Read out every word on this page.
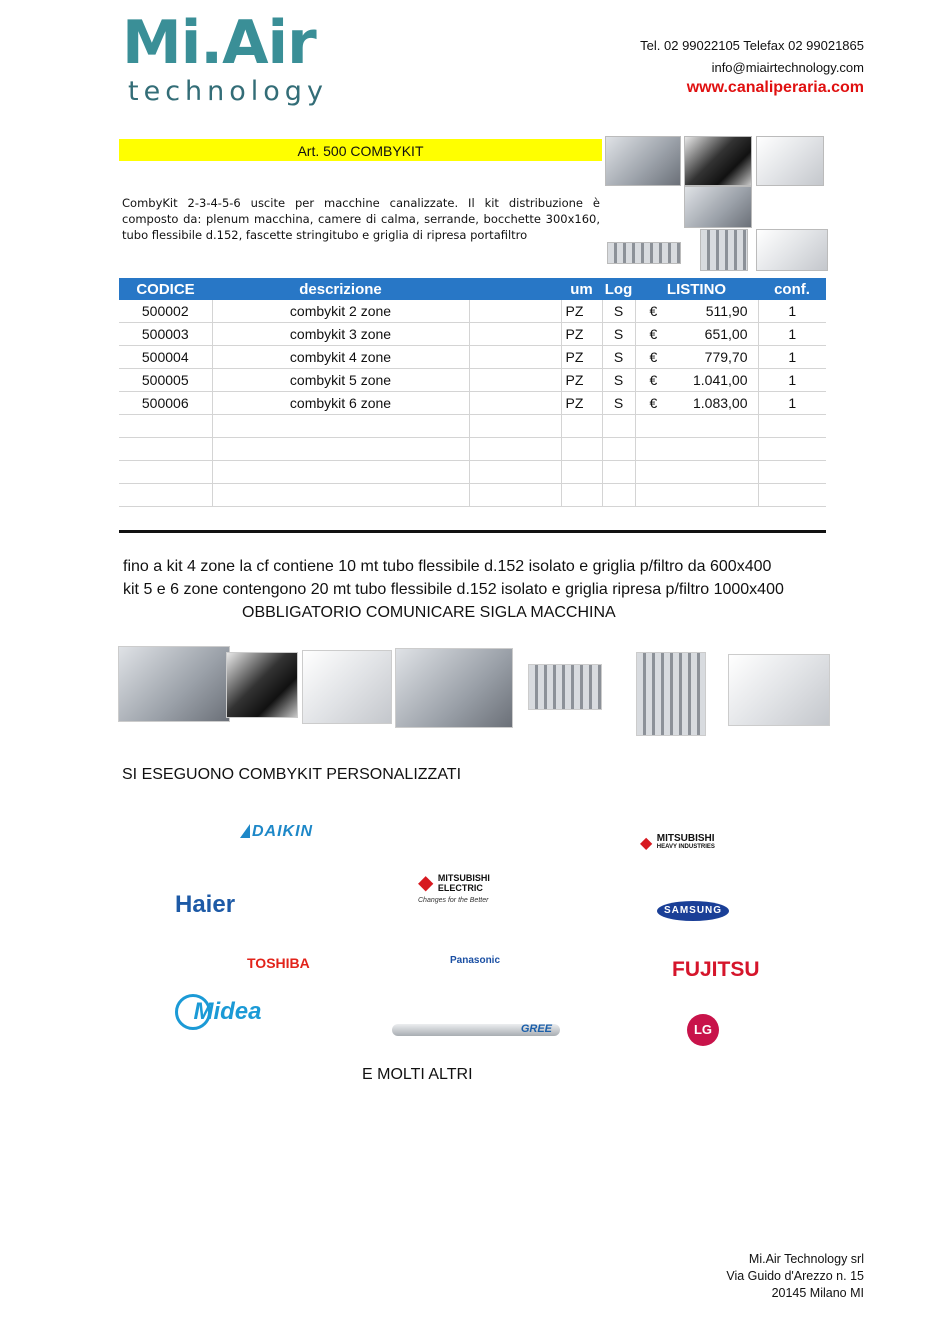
Mi.Air
technology
Tel. 02 99022105 Telefax 02 99021865
info@miairtechnology.com
www.canaliperaria.com
Art. 500 COMBYKIT
CombyKit 2-3-4-5-6 uscite per macchine canalizzate. Il kit distribuzione è composto da: plenum macchina, camere di calma, serrande, bocchette 300x160, tubo flessibile d.152, fascette stringitubo e griglia di ripresa portafiltro
CODICE	descrizione		um	Log	LISTINO	conf.
500002	combykit 2 zone		PZ	S	€ 511,90	1
500003	combykit 3 zone		PZ	S	€ 651,00	1
500004	combykit 4 zone		PZ	S	€ 779,70	1
500005	combykit 5 zone		PZ	S	€ 1.041,00	1
500006	combykit 6 zone		PZ	S	€ 1.083,00	1

fino a kit 4 zone la cf contiene 10 mt tubo flessibile d.152 isolato e griglia p/filtro da 600x400
kit 5 e 6 zone contengono 20 mt tubo flessibile d.152 isolato e griglia ripresa p/filtro 1000x400
OBBLIGATORIO COMUNICARE SIGLA MACCHINA
SI ESEGUONO COMBYKIT PERSONALIZZATI
DAIKIN
◆ MITSUBISHI
HEAVY INDUSTRIES
Haier
◆ MITSUBISHI ELECTRIC
Changes for the Better
SAMSUNG
TOSHIBA	Panasonic	FUJITSU
Midea
GREE	LG
E MOLTI ALTRI
Mi.Air Technology srl
Via Guido d'Arezzo n. 15
20145 Milano MI
